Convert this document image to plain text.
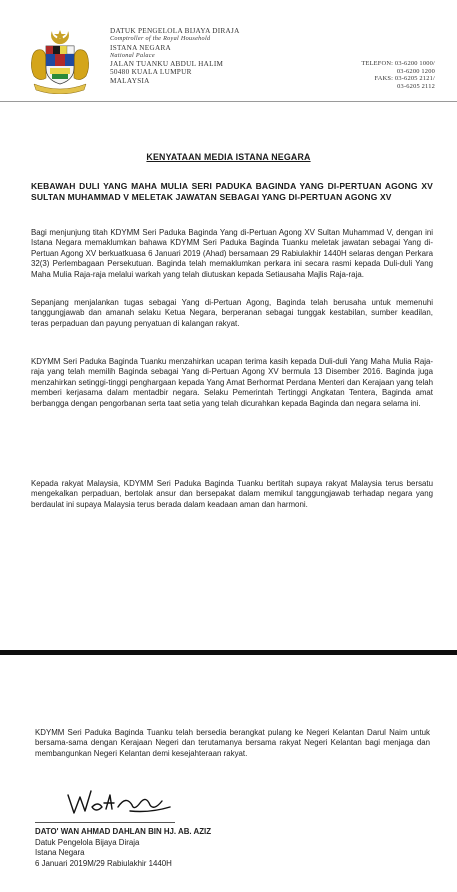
DATUK PENGELOLA BIJAYA DIRAJA
Comptroller of the Royal Household
ISTANA NEGARA
National Palace
JALAN TUANKU ABDUL HALIM
50480 KUALA LUMPUR
MALAYSIA
TELEFON: 03-6200 1000/
03-6200 1200
FAKS: 03-6205 2121/
03-6205 2112
KENYATAAN MEDIA ISTANA NEGARA
KEBAWAH DULI YANG MAHA MULIA SERI PADUKA BAGINDA YANG DI-PERTUAN AGONG XV SULTAN MUHAMMAD V MELETAK JAWATAN SEBAGAI YANG DI-PERTUAN AGONG XV
Bagi menjunjung titah KDYMM Seri Paduka Baginda Yang di-Pertuan Agong XV Sultan Muhammad V, dengan ini Istana Negara memaklumkan bahawa KDYMM Seri Paduka Baginda Tuanku meletak jawatan sebagai Yang di-Pertuan Agong XV berkuatkuasa 6 Januari 2019 (Ahad) bersamaan 29 Rabiulakhir 1440H selaras dengan Perkara 32(3) Perlembagaan Persekutuan. Baginda telah memaklumkan perkara ini secara rasmi kepada Duli-duli Yang Maha Mulia Raja-raja melalui warkah yang telah diutuskan kepada Setiausaha Majlis Raja-raja.
Sepanjang menjalankan tugas sebagai Yang di-Pertuan Agong, Baginda telah berusaha untuk memenuhi tanggungjawab dan amanah selaku Ketua Negara, berperanan sebagai tunggak kestabilan, sumber keadilan, teras perpaduan dan payung penyatuan di kalangan rakyat.
KDYMM Seri Paduka Baginda Tuanku menzahirkan ucapan terima kasih kepada Duli-duli Yang Maha Mulia Raja-raja yang telah memilih Baginda sebagai Yang di-Pertuan Agong XV bermula 13 Disember 2016. Baginda juga menzahirkan setinggi-tinggi penghargaan kepada Yang Amat Berhormat Perdana Menteri dan Kerajaan yang telah memberi kerjasama dalam mentadbir negara. Selaku Pemerintah Tertinggi Angkatan Tentera, Baginda amat berbangga dengan pengorbanan serta taat setia yang telah dicurahkan kepada Baginda dan negara selama ini.
Kepada rakyat Malaysia, KDYMM Seri Paduka Baginda Tuanku bertitah supaya rakyat Malaysia terus bersatu mengekalkan perpaduan, bertolak ansur dan bersepakat dalam memikul tanggungjawab terhadap negara yang berdaulat ini supaya Malaysia terus berada dalam keadaan aman dan harmoni.
KDYMM Seri Paduka Baginda Tuanku telah bersedia berangkat pulang ke Negeri Kelantan Darul Naim untuk bersama-sama dengan Kerajaan Negeri dan terutamanya bersama rakyat Negeri Kelantan bagi menjaga dan membangunkan Negeri Kelantan demi kesejahteraan rakyat.
DATO' WAN AHMAD DAHLAN BIN HJ. AB. AZIZ
Datuk Pengelola Bijaya Diraja
Istana Negara
6 Januari 2019M/29 Rabiulakhir 1440H
